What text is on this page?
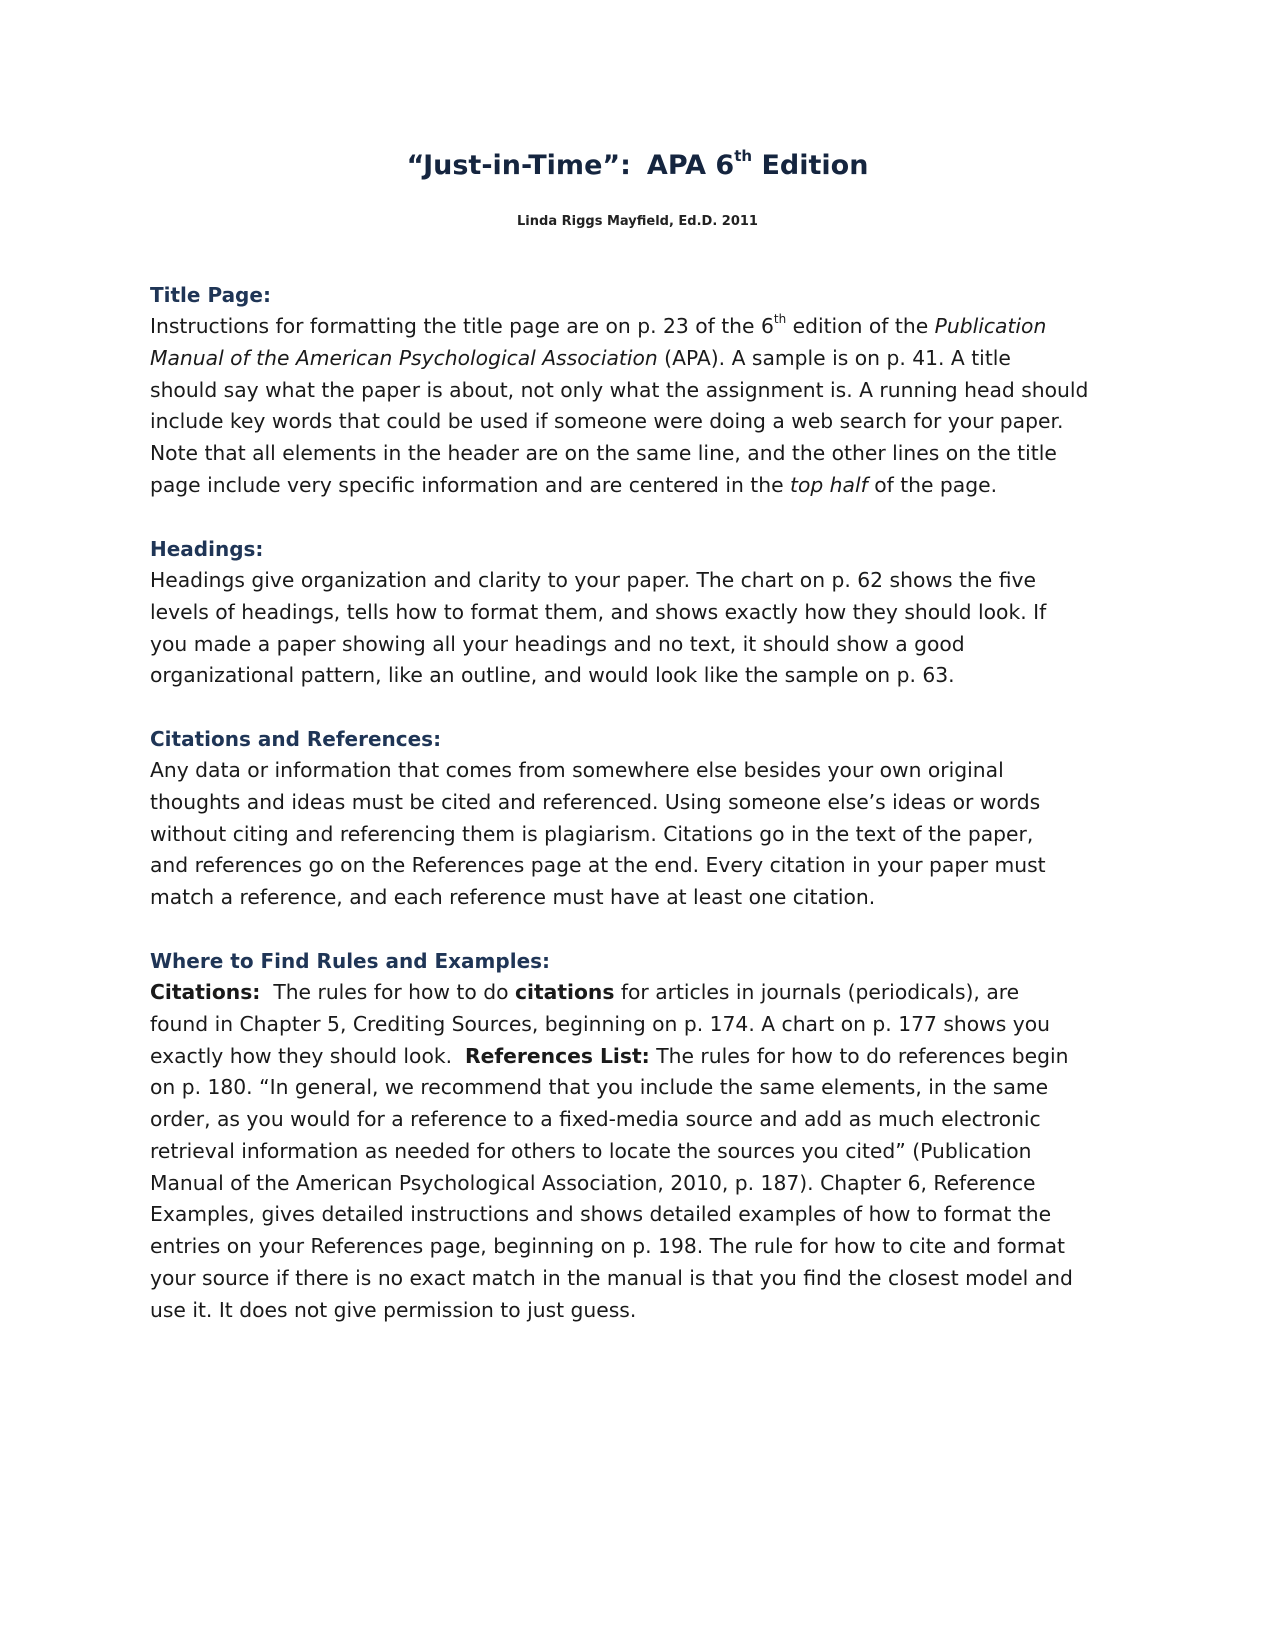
“Just-in-Time”: APA 6th Edition
Linda Riggs Mayfield, Ed.D. 2011
Title Page:
Instructions for formatting the title page are on p. 23 of the 6th edition of the Publication
Manual of the American Psychological Association (APA). A sample is on p. 41. A title
should say what the paper is about, not only what the assignment is. A running head should
include key words that could be used if someone were doing a web search for your paper.
Note that all elements in the header are on the same line, and the other lines on the title
page include very specific information and are centered in the top half of the page.
Headings:
Headings give organization and clarity to your paper. The chart on p. 62 shows the five
levels of headings, tells how to format them, and shows exactly how they should look. If
you made a paper showing all your headings and no text, it should show a good
organizational pattern, like an outline, and would look like the sample on p. 63.
Citations and References:
Any data or information that comes from somewhere else besides your own original
thoughts and ideas must be cited and referenced. Using someone else’s ideas or words
without citing and referencing them is plagiarism. Citations go in the text of the paper,
and references go on the References page at the end. Every citation in your paper must
match a reference, and each reference must have at least one citation.
Where to Find Rules and Examples:
Citations:  The rules for how to do citations for articles in journals (periodicals), are
found in Chapter 5, Crediting Sources, beginning on p. 174. A chart on p. 177 shows you
exactly how they should look.  References List: The rules for how to do references begin
on p. 180. “In general, we recommend that you include the same elements, in the same
order, as you would for a reference to a fixed-media source and add as much electronic
retrieval information as needed for others to locate the sources you cited” (Publication
Manual of the American Psychological Association, 2010, p. 187). Chapter 6, Reference
Examples, gives detailed instructions and shows detailed examples of how to format the
entries on your References page, beginning on p. 198. The rule for how to cite and format
your source if there is no exact match in the manual is that you find the closest model and
use it. It does not give permission to just guess.
